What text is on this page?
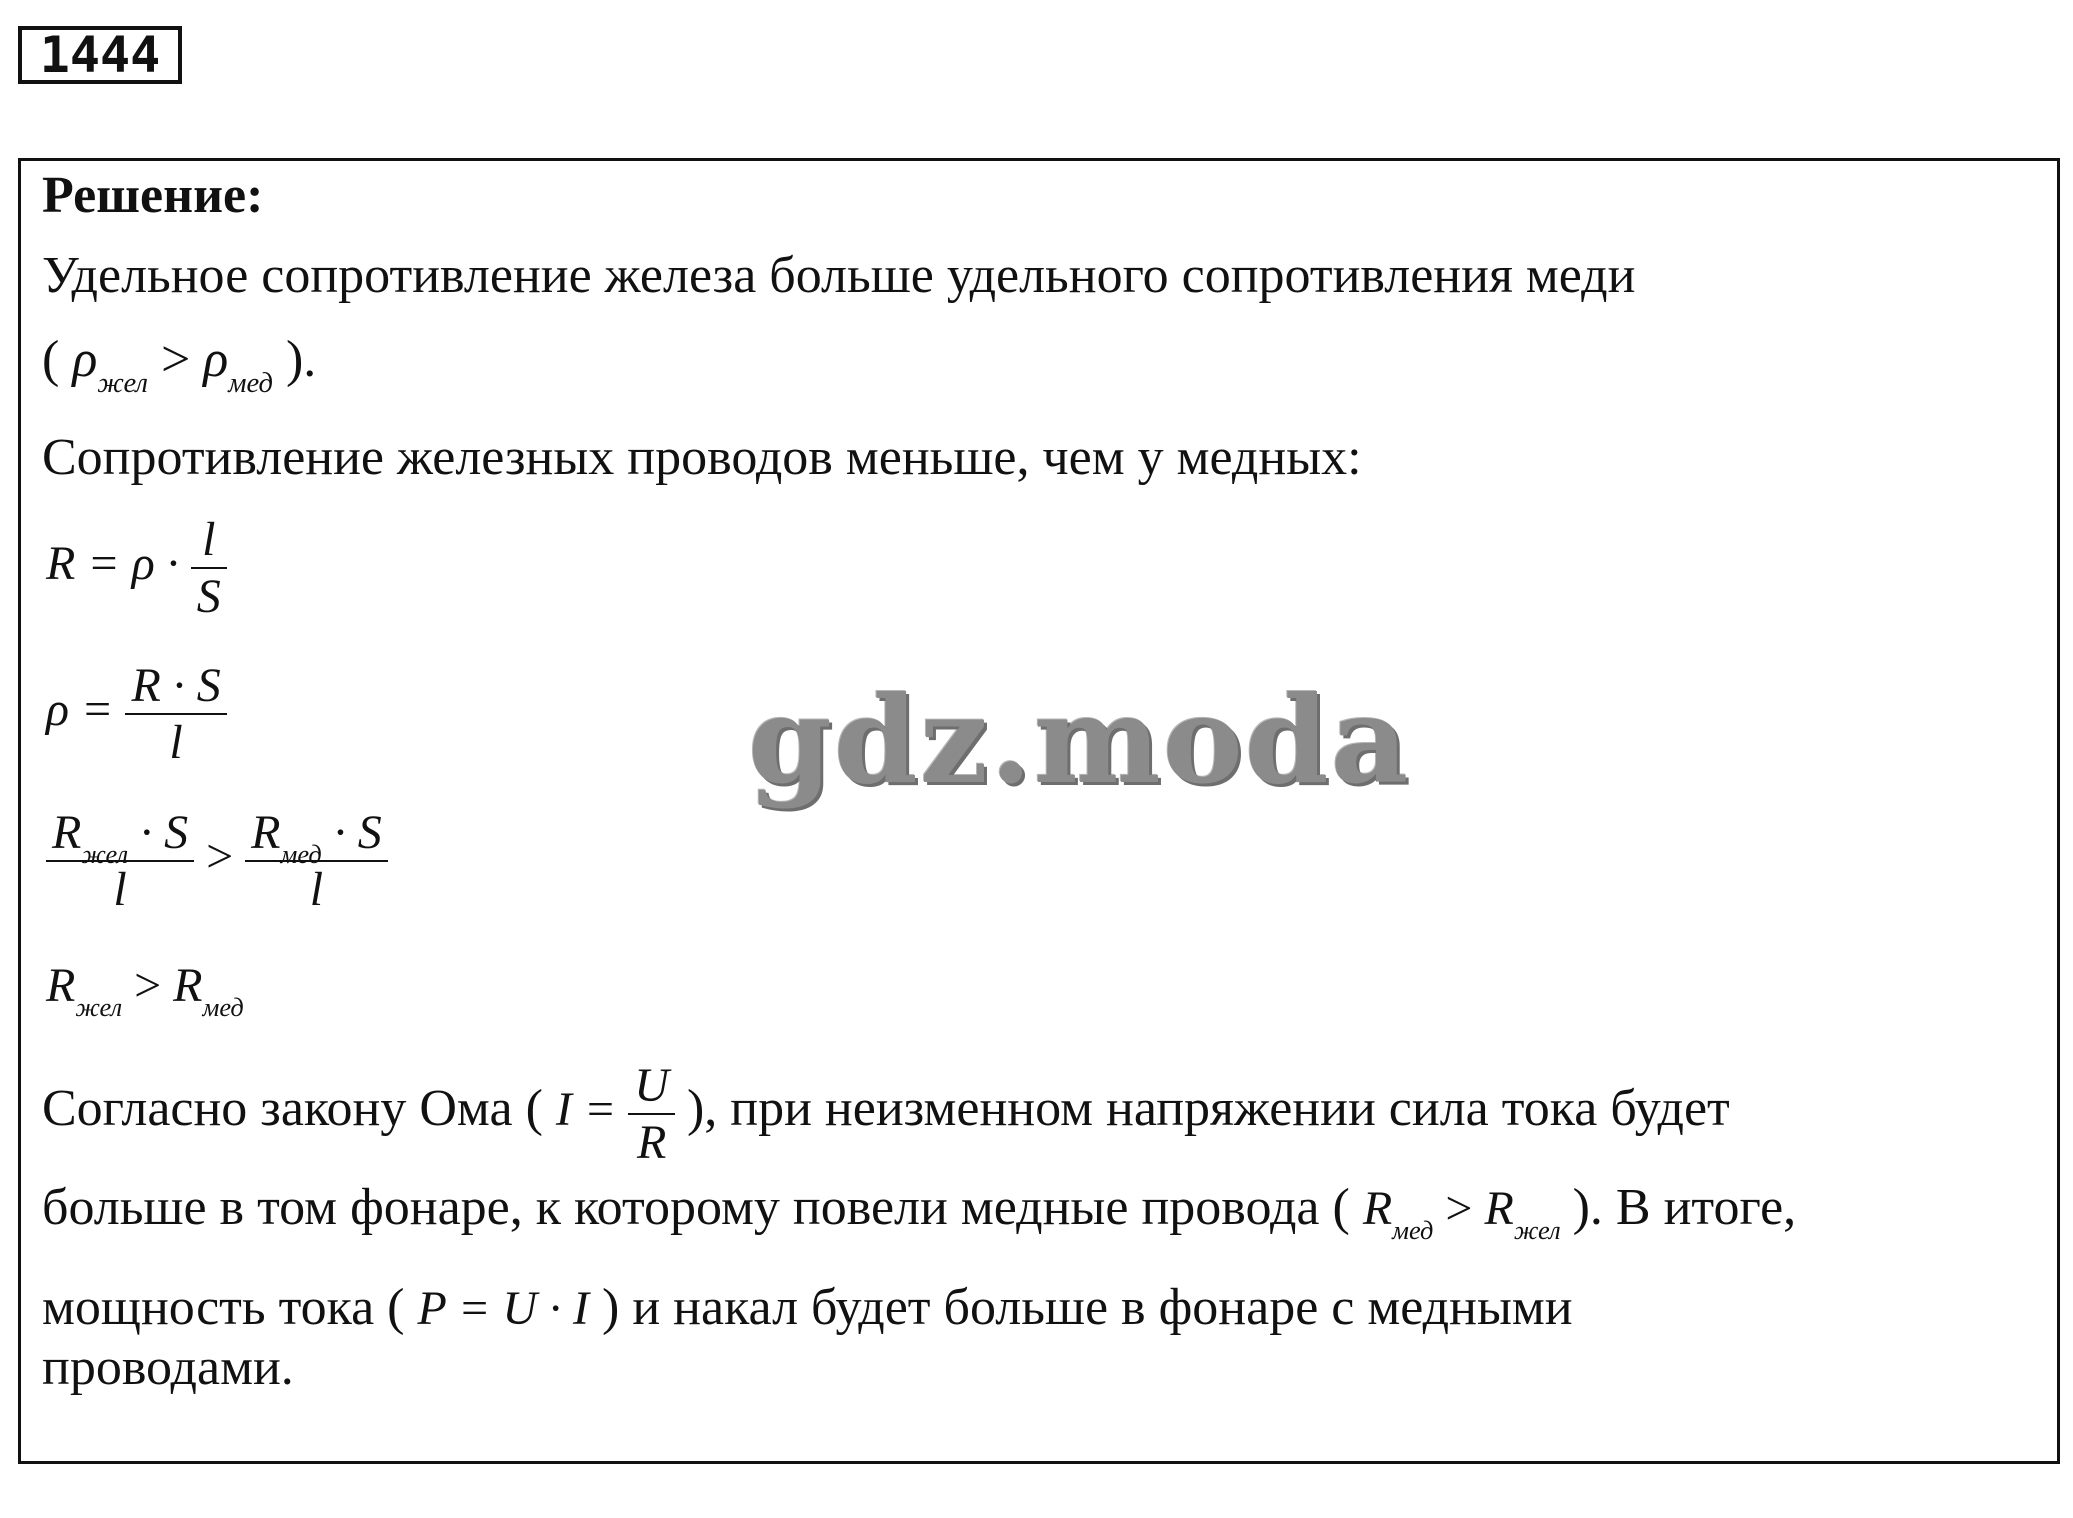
1444
Решение:
Удельное сопротивление железа больше удельного сопротивления меди
( $\rho_{жел} > \rho_{мед}$ ).
Сопротивление железных проводов меньше, чем у медных:
$R = \rho \cdot \frac{l}{S}$
$\rho = \frac{R \cdot S}{l}$
$\frac{R_{жел} \cdot S}{l} > \frac{R_{мед} \cdot S}{l}$
$R_{жел} > R_{мед}$
Согласно закону Ома ( $I = \frac{U}{R}$ ), при неизменном напряжении сила тока будет
больше в том фонаре, к которому повели медные провода ( $R_{мед} > R_{жел}$ ). В итоге,
мощность тока ( P = U · I ) и накал будет больше в фонаре с медными
проводами.
gdz.moda
